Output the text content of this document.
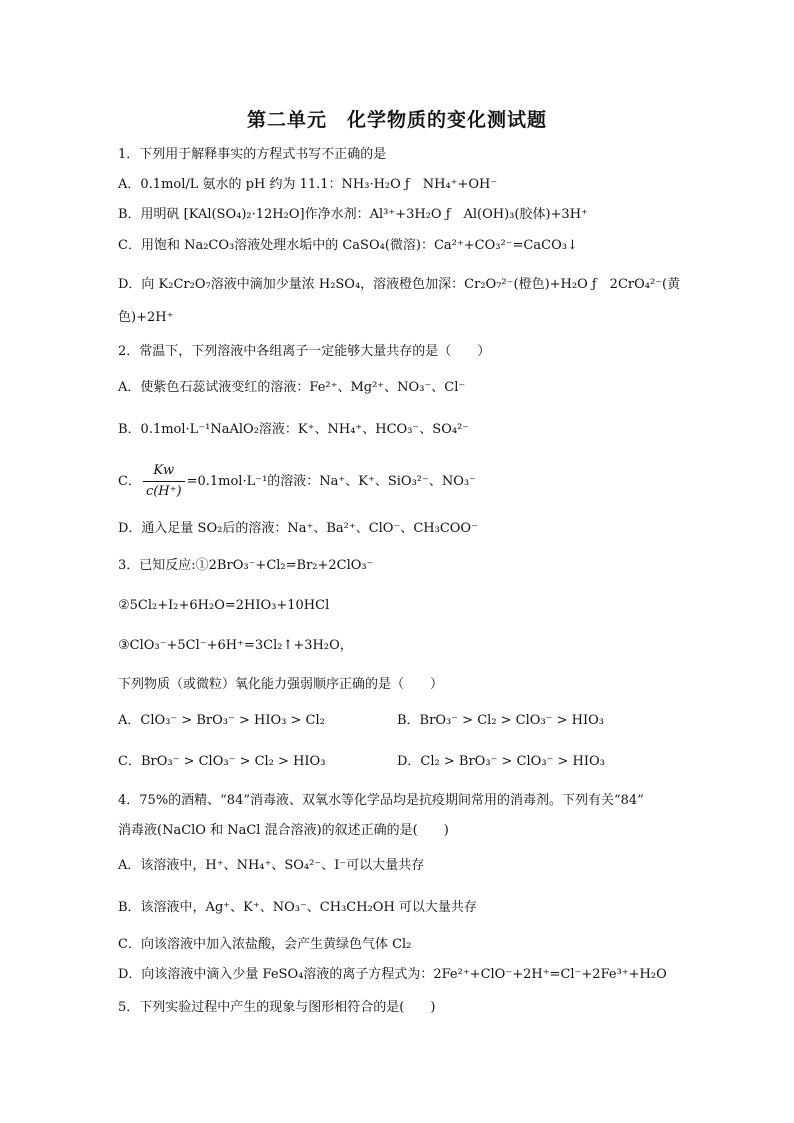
第二单元　化学物质的变化测试题
1．下列用于解释事实的方程式书写不正确的是
A．0.1mol/L 氨水的 pH 约为 11.1：NH₃·H₂O ƒ　NH₄⁺+OH⁻
B．用明矾 [KAl(SO₄)₂·12H₂O]作净水剂：Al³⁺+3H₂O ƒ　Al(OH)₃(胶体)+3H⁺
C．用饱和 Na₂CO₃溶液处理水垢中的 CaSO₄(微溶)：Ca²⁺+CO₃²⁻=CaCO₃↓
D．向 K₂Cr₂O₇溶液中滴加少量浓 H₂SO₄，溶液橙色加深：Cr₂O₇²⁻(橙色)+H₂O ƒ　2CrO₄²⁻(黄
色)+2H⁺
2．常温下，下列溶液中各组离子一定能够大量共存的是（　　）
A．使紫色石蕊试液变红的溶液：Fe²⁺、Mg²⁺、NO₃⁻、Cl⁻
B．0.1mol·L⁻¹NaAlO₂溶液：K⁺、NH₄⁺、HCO₃⁻、SO₄²⁻
C． $\frac{Kw}{c(H^+)} =0.1mol\cdot L^{-1}$的溶液：Na⁺、K⁺、SiO₃²⁻、NO₃⁻
D．通入足量 SO₂后的溶液：Na⁺、Ba²⁺、ClO⁻、CH₃COO⁻
3．已知反应:①2BrO₃⁻+Cl₂=Br₂+2ClO₃⁻
②5Cl₂+I₂+6H₂O=2HIO₃+10HCl
③ClO₃⁻+5Cl⁻+6H⁺=3Cl₂↑+3H₂O，
下列物质（或微粒）氧化能力强弱顺序正确的是（　　）
A．ClO₃⁻ > BrO₃⁻ > HIO₃ > Cl₂	B．BrO₃⁻ > Cl₂ > ClO₃⁻ > HIO₃
C．BrO₃⁻ > ClO₃⁻ > Cl₂ > HIO₃	D．Cl₂ > BrO₃⁻ > ClO₃⁻ > HIO₃
4．75%的酒精、“84”消毒液、双氧水等化学品均是抗疫期间常用的消毒剂。下列有关“84”
消毒液(NaClO 和 NaCl 混合溶液)的叙述正确的是(　　)
A．该溶液中，H⁺、NH₄⁺、SO₄²⁻、I⁻可以大量共存
B．该溶液中，Ag⁺、K⁺、NO₃⁻、CH₃CH₂OH 可以大量共存
C．向该溶液中加入浓盐酸，会产生黄绿色气体 Cl₂
D．向该溶液中滴入少量 FeSO₄溶液的离子方程式为：2Fe²⁺+ClO⁻+2H⁺=Cl⁻+2Fe³⁺+H₂O
5．下列实验过程中产生的现象与图形相符合的是(　　)
